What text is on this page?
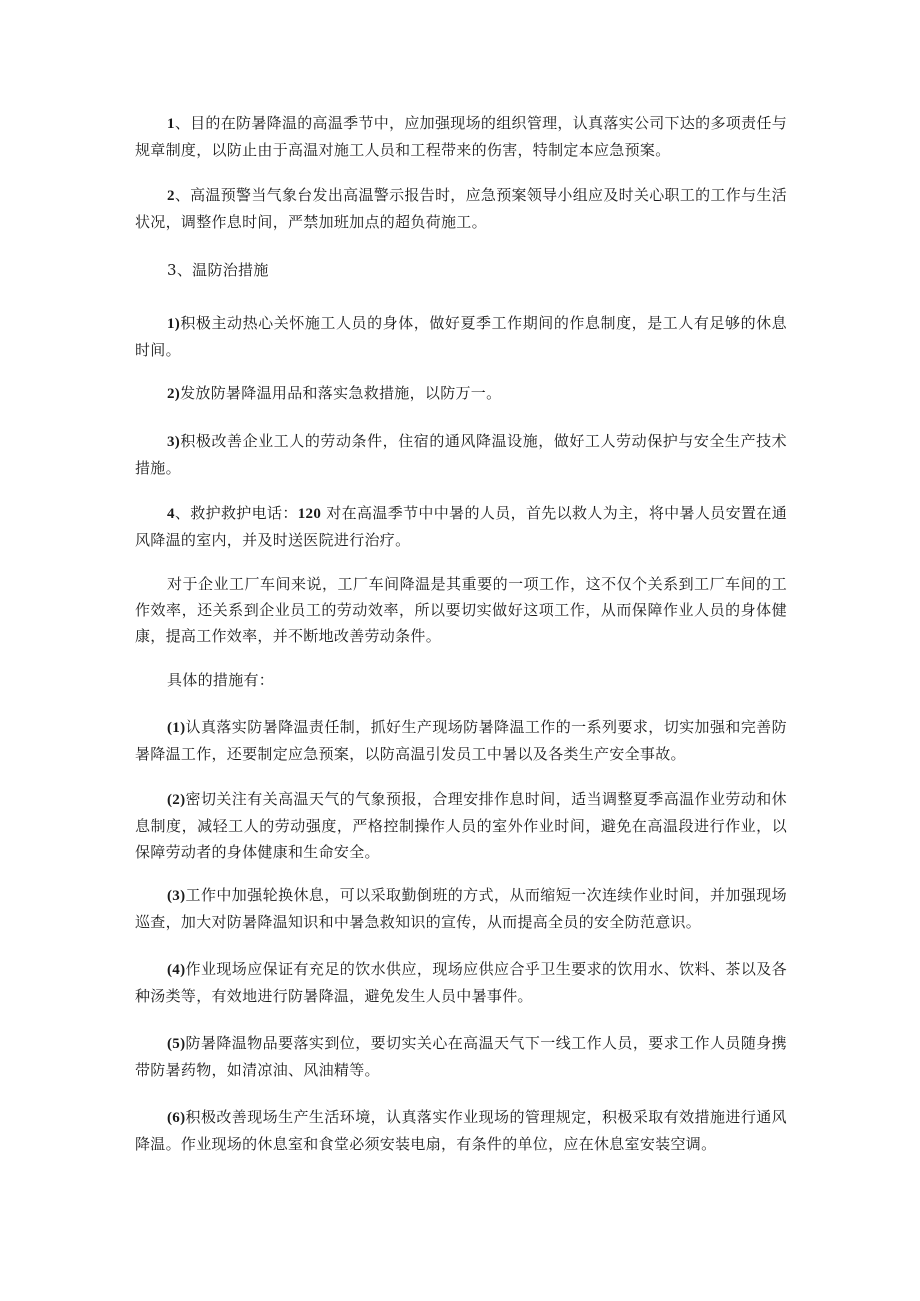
1、目的在防暑降温的高温季节中，应加强现场的组织管理，认真落实公司下达的多项责任与规章制度，以防止由于高温对施工人员和工程带来的伤害，特制定本应急预案。

2、高温预警当气象台发出高温警示报告时，应急预案领导小组应及时关心职工的工作与生活状况，调整作息时间，严禁加班加点的超负荷施工。

3、温防治措施

1)积极主动热心关怀施工人员的身体，做好夏季工作期间的作息制度，是工人有足够的休息时间。

2)发放防暑降温用品和落实急救措施，以防万一。

3)积极改善企业工人的劳动条件，住宿的通风降温设施，做好工人劳动保护与安全生产技术措施。

4、救护救护电话：120 对在高温季节中中暑的人员，首先以救人为主，将中暑人员安置在通风降温的室内，并及时送医院进行治疗。

对于企业工厂车间来说，工厂车间降温是其重要的一项工作，这不仅个关系到工厂车间的工作效率，还关系到企业员工的劳动效率，所以要切实做好这项工作，从而保障作业人员的身体健康，提高工作效率，并不断地改善劳动条件。

具体的措施有：

(1)认真落实防暑降温责任制，抓好生产现场防暑降温工作的一系列要求，切实加强和完善防暑降温工作，还要制定应急预案，以防高温引发员工中暑以及各类生产安全事故。

(2)密切关注有关高温天气的气象预报，合理安排作息时间，适当调整夏季高温作业劳动和休息制度，减轻工人的劳动强度，严格控制操作人员的室外作业时间，避免在高温段进行作业，以保障劳动者的身体健康和生命安全。

(3)工作中加强轮换休息，可以采取勤倒班的方式，从而缩短一次连续作业时间，并加强现场巡查，加大对防暑降温知识和中暑急救知识的宣传，从而提高全员的安全防范意识。

(4)作业现场应保证有充足的饮水供应，现场应供应合乎卫生要求的饮用水、饮料、茶以及各种汤类等，有效地进行防暑降温，避免发生人员中暑事件。

(5)防暑降温物品要落实到位，要切实关心在高温天气下一线工作人员，要求工作人员随身携带防暑药物，如清凉油、风油精等。

(6)积极改善现场生产生活环境，认真落实作业现场的管理规定，积极采取有效措施进行通风降温。作业现场的休息室和食堂必须安装电扇，有条件的单位，应在休息室安装空调。
